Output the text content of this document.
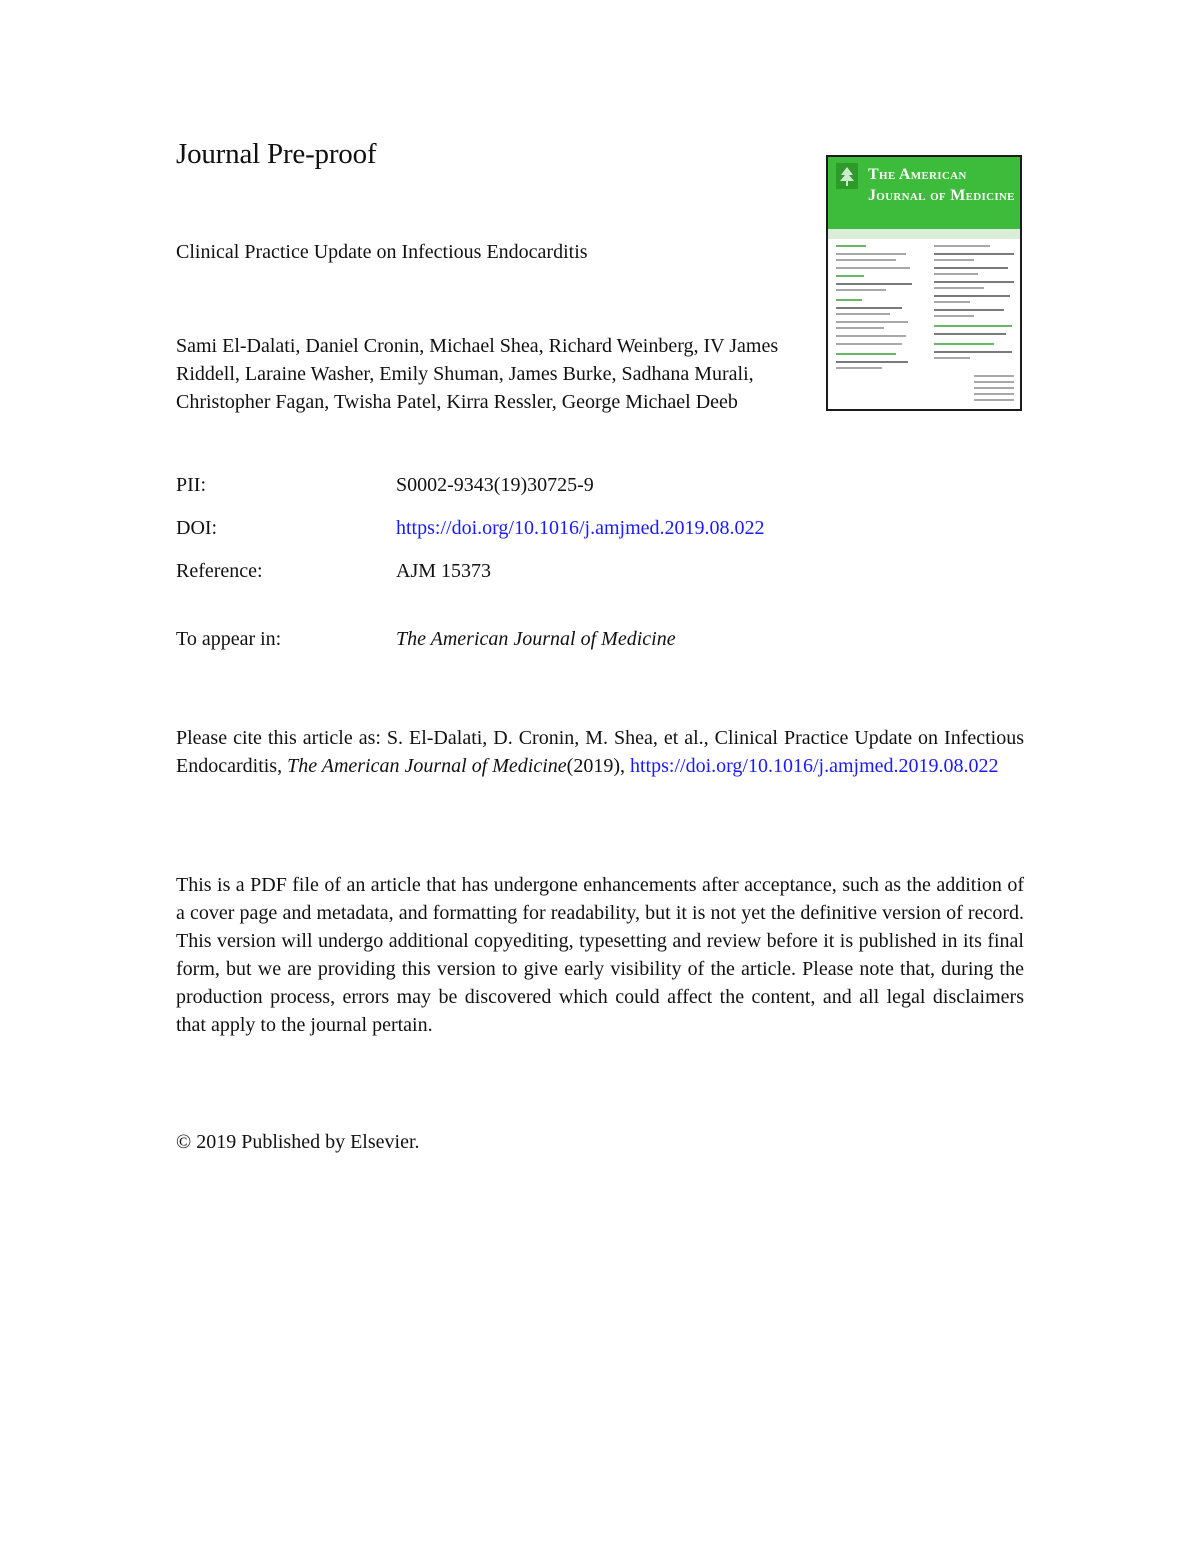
Journal Pre-proof
The American Journal of Medicine
Clinical Practice Update on Infectious Endocarditis
Sami El-Dalati, Daniel Cronin, Michael Shea, Richard Weinberg, IV James Riddell, Laraine Washer, Emily Shuman, James Burke, Sadhana Murali, Christopher Fagan, Twisha Patel, Kirra Ressler, George Michael Deeb
PII:	S0002-9343(19)30725-9
DOI:	https://doi.org/10.1016/j.amjmed.2019.08.022
Reference:	AJM 15373
To appear in:	The American Journal of Medicine
Please cite this article as: S. El-Dalati, D. Cronin, M. Shea, et al., Clinical Practice Update on Infectious Endocarditis, The American Journal of Medicine(2019), https://doi.org/10.1016/j.amjmed.2019.08.022
This is a PDF file of an article that has undergone enhancements after acceptance, such as the addition of a cover page and metadata, and formatting for readability, but it is not yet the definitive version of record. This version will undergo additional copyediting, typesetting and review before it is published in its final form, but we are providing this version to give early visibility of the article. Please note that, during the production process, errors may be discovered which could affect the content, and all legal disclaimers that apply to the journal pertain.
© 2019 Published by Elsevier.
